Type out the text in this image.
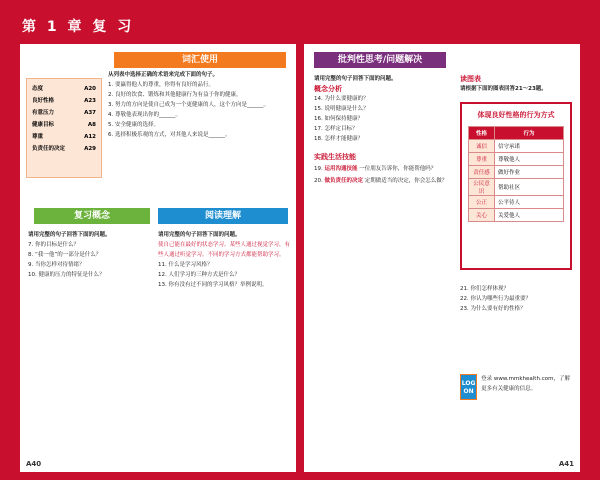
第 1 章 复 习
词汇使用
态度	A20
良好性格	A23
有意压力	A37
健康目标	A8
尊重	A12
负责任的决定	A29
从列表中选择正确的术语来完成下面的句子。
1. 要赢得他人的尊重，你得有良好的品行。
2. 良好的饮食、锻炼和其他健康行为有益于你的健康。
3. 努力的方向是使自己成为一个更健康的人，这个方向是______。
4. 尊敬他表现出你的______。
5. 安全健康的选择。
6. 选择积极乐观的方式，对其他人来说是______。
复习概念
请用完整的句子回答下面的问题。
7. 你的目标是什么？
8. “我一他”的一部分是什么？
9. 当你怎样对待情绪？
10. 健康的压力的特征是什么？
阅读理解
请用完整的句子回答下面的问题。
使自己能在最好的状态学习。某些人通过视觉学习，有些人通过听觉学习。不同的学习方式都能帮助学习。
11. 什么是学习风格？
12. 人们学习的三种方式是什么？
13. 你有没有过不同的学习风格？举例说明。
A40
批判性思考/问题解决
请用完整的句子回答下面的问题。
概念分析
14. 为什么要健康的？
15. 说明健康是什么？
16. 如何保持健康？
17. 怎样定目标？
18. 怎样才能健康？
实践生活技能
19. 运用沟通技能 一位朋友告诉你，你能帮他吗？
20. 做负责任的决定 定期做适当的决定，你会怎么做？
读图表
请根据下面的图表回答21～23题。
体现良好性格的行为方式
性格	行为
诚信	信守承诺
尊重	尊敬他人
责任感	做好作业
公民意识	帮助社区
公正	公平待人
关心	关爱他人
21. 你们怎样体现？
22. 你认为哪些行为最重要？
23. 为什么要有好的性格？
LOG
ON
登录 www.mmkhealth.com，了解更多有关健康的信息。
A41
